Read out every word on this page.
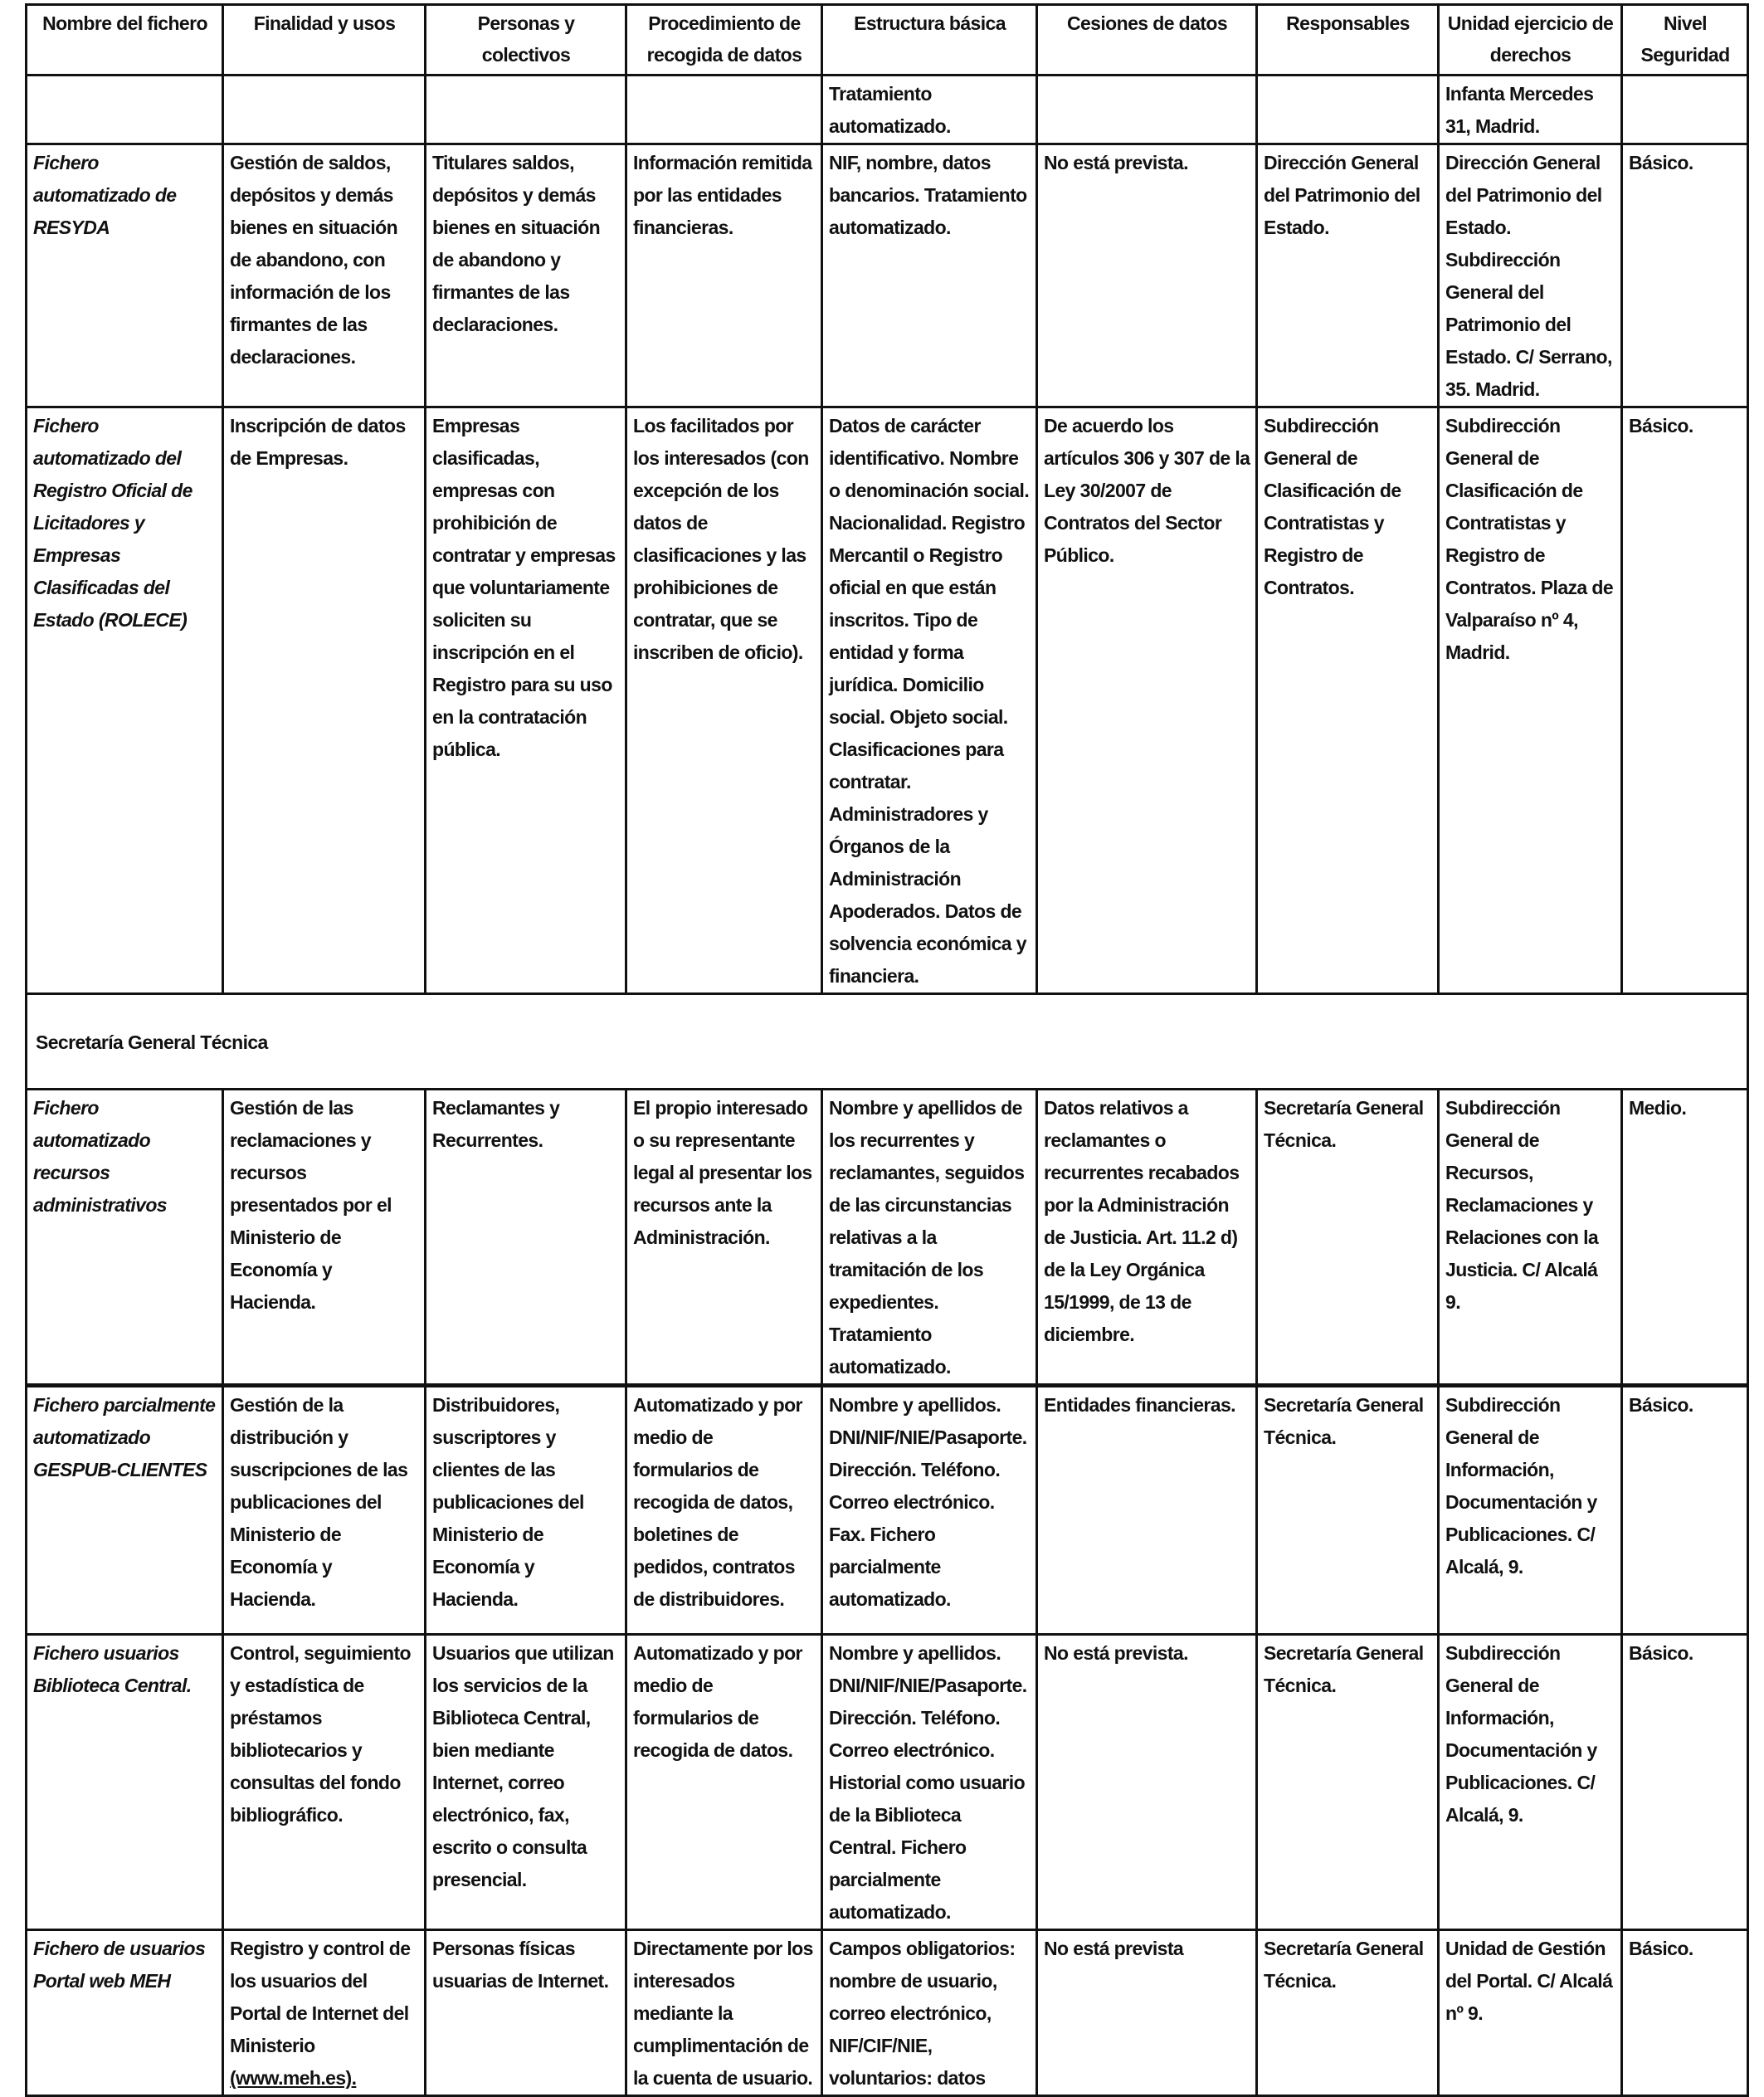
Nombre del fichero	Finalidad y usos	Personas y colectivos	Procedimiento de recogida de datos	Estructura básica	Cesiones de datos	Responsables	Unidad ejercicio de derechos	Nivel Seguridad
				Tratamiento automatizado.			Infanta Mercedes 31, Madrid.	
Fichero automatizado de RESYDA	Gestión de saldos, depósitos y demás bienes en situación de abandono, con información de los firmantes de las declaraciones.	Titulares saldos, depósitos y demás bienes en situación de abandono y firmantes de las declaraciones.	Información remitida por las entidades financieras.	NIF, nombre, datos bancarios. Tratamiento automatizado.	No está prevista.	Dirección General del Patrimonio del Estado.	Dirección General del Patrimonio del Estado. Subdirección General del Patrimonio del Estado. C/ Serrano, 35. Madrid.	Básico.
Fichero automatizado del Registro Oficial de Licitadores y Empresas Clasificadas del Estado (ROLECE)	Inscripción de datos de Empresas.	Empresas clasificadas, empresas con prohibición de contratar y empresas que voluntariamente soliciten su inscripción en el Registro para su uso en la contratación pública.	Los facilitados por los interesados (con excepción de los datos de clasificaciones y las prohibiciones de contratar, que se inscriben de oficio).	Datos de carácter identificativo. Nombre o denominación social. Nacionalidad. Registro Mercantil o Registro oficial en que están inscritos. Tipo de entidad y forma jurídica. Domicilio social. Objeto social. Clasificaciones para contratar. Administradores y Órganos de la Administración Apoderados. Datos de solvencia económica y financiera.	De acuerdo los artículos 306 y 307 de la Ley 30/2007 de Contratos del Sector Público.	Subdirección General de Clasificación de Contratistas y Registro de Contratos.	Subdirección General de Clasificación de Contratistas y Registro de Contratos. Plaza de Valparaíso nº 4, Madrid.	Básico.
Secretaría General Técnica								
Fichero automatizado recursos administrativos	Gestión de las reclamaciones y recursos presentados por el Ministerio de Economía y Hacienda.	Reclamantes y Recurrentes.	El propio interesado o su representante legal al presentar los recursos ante la Administración.	Nombre y apellidos de los recurrentes y reclamantes, seguidos de las circunstancias relativas a la tramitación de los expedientes. Tratamiento automatizado.	Datos relativos a reclamantes o recurrentes recabados por la Administración de Justicia. Art. 11.2 d) de la Ley Orgánica 15/1999, de 13 de diciembre.	Secretaría General Técnica.	Subdirección General de Recursos, Reclamaciones y Relaciones con la Justicia. C/ Alcalá 9.	Medio.
Fichero parcialmente automatizado GESPUB-CLIENTES	Gestión de la distribución y suscripciones de las publicaciones del Ministerio de Economía y Hacienda.	Distribuidores, suscriptores y clientes de las publicaciones del Ministerio de Economía y Hacienda.	Automatizado y por medio de formularios de recogida de datos, boletines de pedidos, contratos de distribuidores.	Nombre y apellidos. DNI/NIF/NIE/Pasaporte. Dirección. Teléfono. Correo electrónico. Fax. Fichero parcialmente automatizado.	Entidades financieras.	Secretaría General Técnica.	Subdirección General de Información, Documentación y Publicaciones. C/ Alcalá, 9.	Básico.
Fichero usuarios Biblioteca Central.	Control, seguimiento y estadística de préstamos bibliotecarios y consultas del fondo bibliográfico.	Usuarios que utilizan los servicios de la Biblioteca Central, bien mediante Internet, correo electrónico, fax, escrito o consulta presencial.	Automatizado y por medio de formularios de recogida de datos.	Nombre y apellidos. DNI/NIF/NIE/Pasaporte. Dirección. Teléfono. Correo electrónico. Historial como usuario de la Biblioteca Central. Fichero parcialmente automatizado.	No está prevista.	Secretaría General Técnica.	Subdirección General de Información, Documentación y Publicaciones. C/ Alcalá, 9.	Básico.
Fichero de usuarios Portal web MEH	Registro y control de los usuarios del Portal de Internet del Ministerio (www.meh.es).	Personas físicas usuarias de Internet.	Directamente por los interesados mediante la cumplimentación de la cuenta de usuario.	Campos obligatorios: nombre de usuario, correo electrónico, NIF/CIF/NIE, voluntarios: datos	No está prevista	Secretaría General Técnica.	Unidad de Gestión del Portal. C/ Alcalá nº 9.	Básico.
